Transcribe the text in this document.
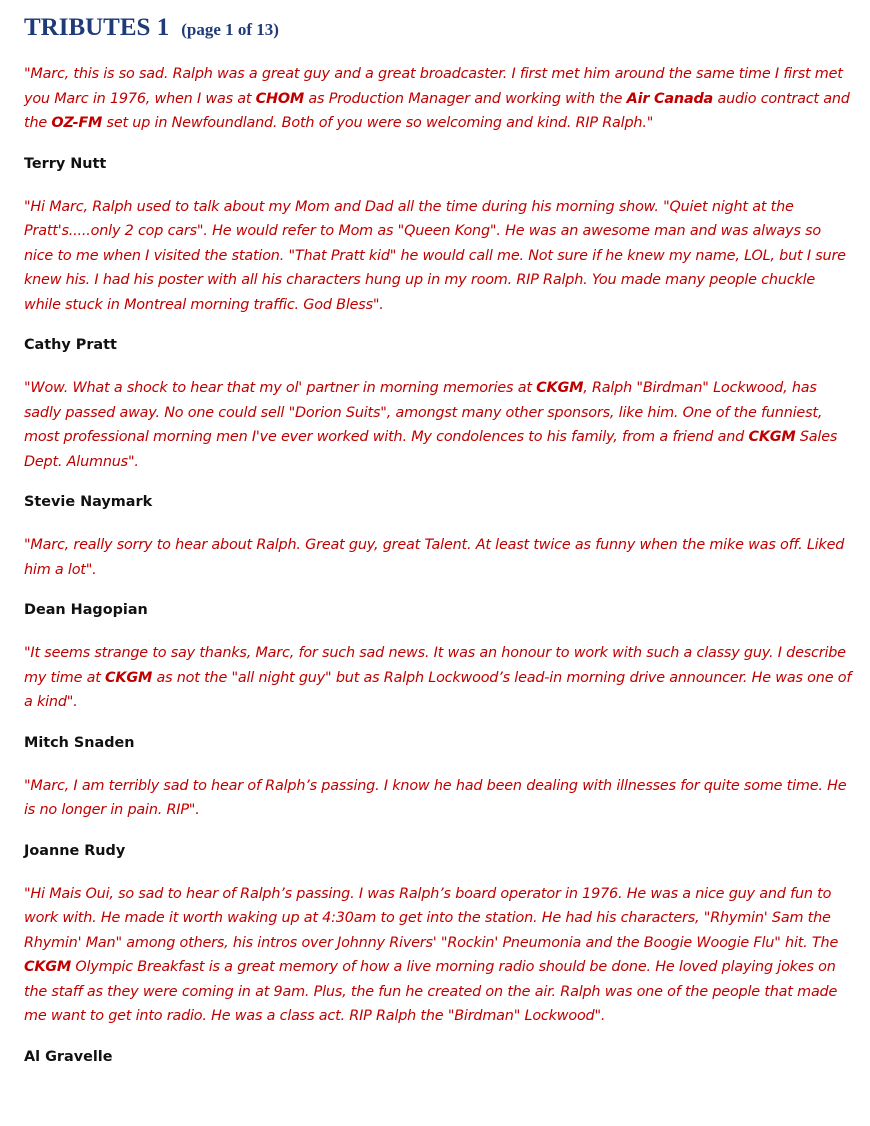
TRIBUTES 1 (page 1 of 13)

"Marc, this is so sad. Ralph was a great guy and a great broadcaster. I first met him around the same time I first met you Marc in 1976, when I was at CHOM as Production Manager and working with the Air Canada audio contract and the OZ-FM set up in Newfoundland. Both of you were so welcoming and kind. RIP Ralph."

Terry Nutt

"Hi Marc, Ralph used to talk about my Mom and Dad all the time during his morning show. "Quiet night at the Pratt's.....only 2 cop cars". He would refer to Mom as "Queen Kong". He was an awesome man and was always so nice to me when I visited the station. "That Pratt kid" he would call me. Not sure if he knew my name, LOL, but I sure knew his. I had his poster with all his characters hung up in my room. RIP Ralph. You made many people chuckle while stuck in Montreal morning traffic. God Bless".

Cathy Pratt

"Wow. What a shock to hear that my ol' partner in morning memories at CKGM, Ralph "Birdman" Lockwood, has sadly passed away. No one could sell "Dorion Suits", amongst many other sponsors, like him. One of the funniest, most professional morning men I've ever worked with. My condolences to his family, from a friend and CKGM Sales Dept. Alumnus".

Stevie Naymark

"Marc, really sorry to hear about Ralph. Great guy, great Talent. At least twice as funny when the mike was off. Liked him a lot".

Dean Hagopian

"It seems strange to say thanks, Marc, for such sad news. It was an honour to work with such a classy guy. I describe my time at CKGM as not the "all night guy" but as Ralph Lockwood’s lead-in morning drive announcer. He was one of a kind".

Mitch Snaden

"Marc, I am terribly sad to hear of Ralph’s passing. I know he had been dealing with illnesses for quite some time. He is no longer in pain. RIP".

Joanne Rudy

"Hi Mais Oui, so sad to hear of Ralph’s passing. I was Ralph’s board operator in 1976. He was a nice guy and fun to work with. He made it worth waking up at 4:30am to get into the station. He had his characters, "Rhymin' Sam the Rhymin' Man" among others, his intros over Johnny Rivers' "Rockin' Pneumonia and the Boogie Woogie Flu" hit. The CKGM Olympic Breakfast is a great memory of how a live morning radio should be done. He loved playing jokes on the staff as they were coming in at 9am. Plus, the fun he created on the air. Ralph was one of the people that made me want to get into radio. He was a class act. RIP Ralph the "Birdman" Lockwood".

Al Gravelle
